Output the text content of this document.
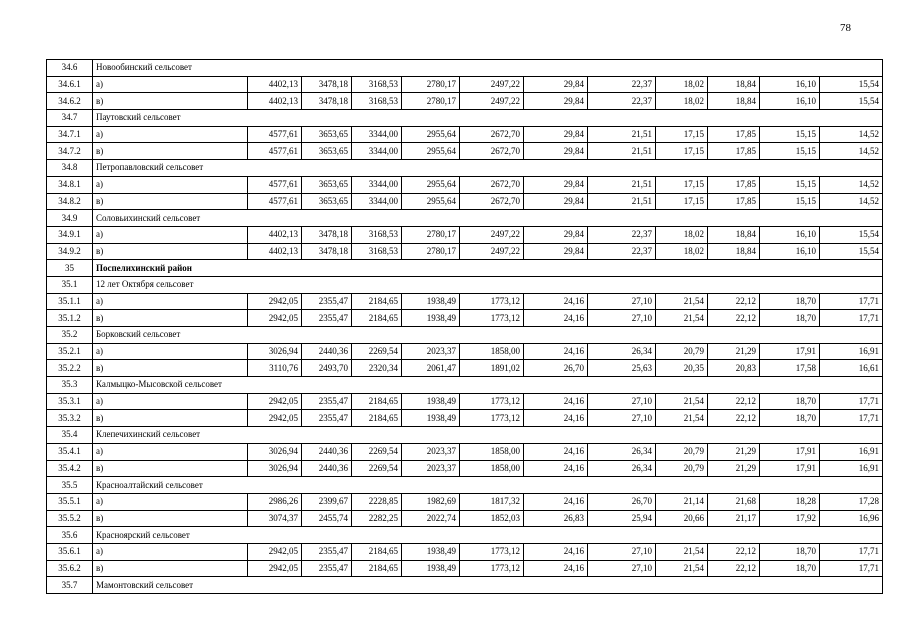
78
34.6	Новообинский сельсовет											
34.6.1	а)	4402,13	3478,18	3168,53	2780,17	2497,22	29,84	22,37	18,02	18,84	16,10	15,54
34.6.2	в)	4402,13	3478,18	3168,53	2780,17	2497,22	29,84	22,37	18,02	18,84	16,10	15,54
34.7	Паутовский сельсовет											
34.7.1	а)	4577,61	3653,65	3344,00	2955,64	2672,70	29,84	21,51	17,15	17,85	15,15	14,52
34.7.2	в)	4577,61	3653,65	3344,00	2955,64	2672,70	29,84	21,51	17,15	17,85	15,15	14,52
34.8	Петропавловский сельсовет											
34.8.1	а)	4577,61	3653,65	3344,00	2955,64	2672,70	29,84	21,51	17,15	17,85	15,15	14,52
34.8.2	в)	4577,61	3653,65	3344,00	2955,64	2672,70	29,84	21,51	17,15	17,85	15,15	14,52
34.9	Соловьихинский сельсовет											
34.9.1	а)	4402,13	3478,18	3168,53	2780,17	2497,22	29,84	22,37	18,02	18,84	16,10	15,54
34.9.2	в)	4402,13	3478,18	3168,53	2780,17	2497,22	29,84	22,37	18,02	18,84	16,10	15,54
35	Поспелихинский район											
35.1	12 лет Октября сельсовет											
35.1.1	а)	2942,05	2355,47	2184,65	1938,49	1773,12	24,16	27,10	21,54	22,12	18,70	17,71
35.1.2	в)	2942,05	2355,47	2184,65	1938,49	1773,12	24,16	27,10	21,54	22,12	18,70	17,71
35.2	Борковский сельсовет											
35.2.1	а)	3026,94	2440,36	2269,54	2023,37	1858,00	24,16	26,34	20,79	21,29	17,91	16,91
35.2.2	в)	3110,76	2493,70	2320,34	2061,47	1891,02	26,70	25,63	20,35	20,83	17,58	16,61
35.3	Калмыцко-Мысовской сельсовет											
35.3.1	а)	2942,05	2355,47	2184,65	1938,49	1773,12	24,16	27,10	21,54	22,12	18,70	17,71
35.3.2	в)	2942,05	2355,47	2184,65	1938,49	1773,12	24,16	27,10	21,54	22,12	18,70	17,71
35.4	Клепечихинский сельсовет											
35.4.1	а)	3026,94	2440,36	2269,54	2023,37	1858,00	24,16	26,34	20,79	21,29	17,91	16,91
35.4.2	в)	3026,94	2440,36	2269,54	2023,37	1858,00	24,16	26,34	20,79	21,29	17,91	16,91
35.5	Красноалтайский сельсовет											
35.5.1	а)	2986,26	2399,67	2228,85	1982,69	1817,32	24,16	26,70	21,14	21,68	18,28	17,28
35.5.2	в)	3074,37	2455,74	2282,25	2022,74	1852,03	26,83	25,94	20,66	21,17	17,92	16,96
35.6	Красноярский сельсовет											
35.6.1	а)	2942,05	2355,47	2184,65	1938,49	1773,12	24,16	27,10	21,54	22,12	18,70	17,71
35.6.2	в)	2942,05	2355,47	2184,65	1938,49	1773,12	24,16	27,10	21,54	22,12	18,70	17,71
35.7	Мамонтовский сельсовет											
